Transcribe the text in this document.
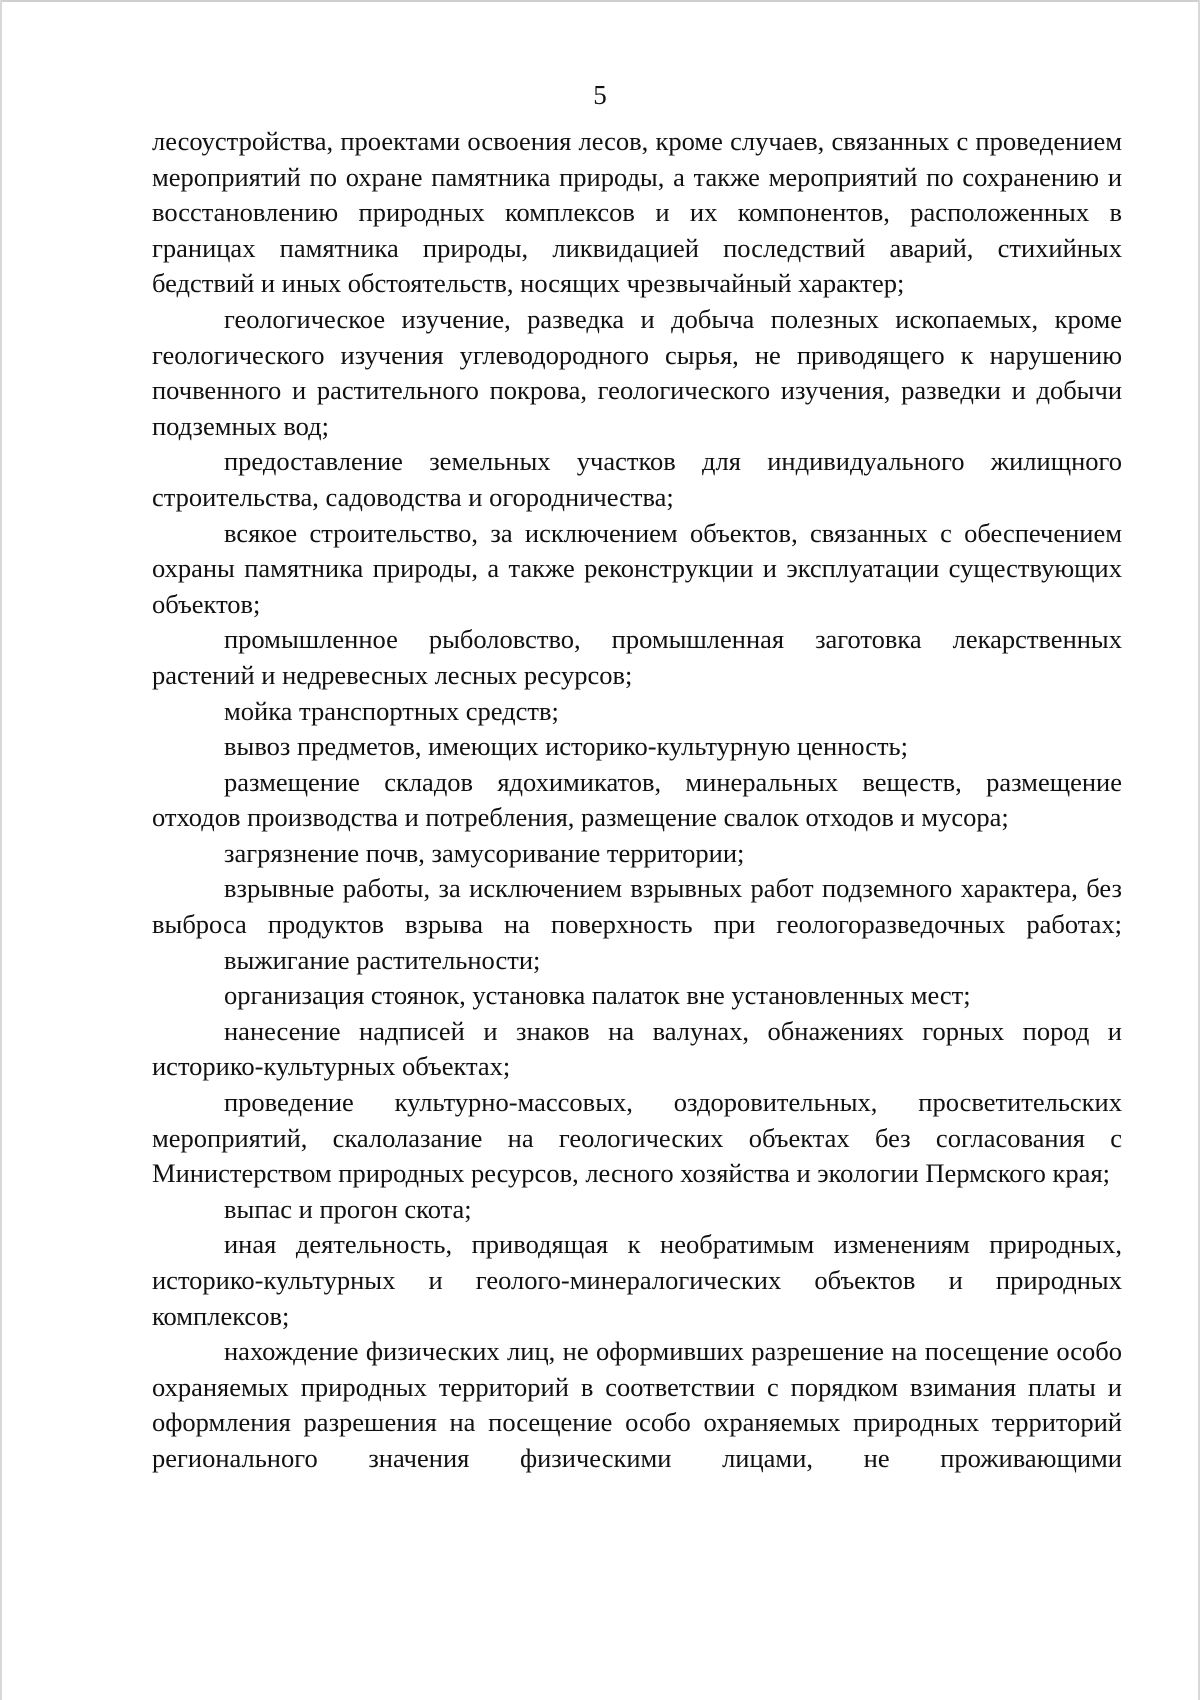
5

лесоустройства, проектами освоения лесов, кроме случаев, связанных с проведением мероприятий по охране памятника природы, а также мероприятий по сохранению и восстановлению природных комплексов и их компонентов, расположенных в границах памятника природы, ликвидацией последствий аварий, стихийных бедствий и иных обстоятельств, носящих чрезвычайный характер;

геологическое изучение, разведка и добыча полезных ископаемых, кроме геологического изучения углеводородного сырья, не приводящего к нарушению почвенного и растительного покрова, геологического изучения, разведки и добычи подземных вод;

предоставление земельных участков для индивидуального жилищного строительства, садоводства и огородничества;

всякое строительство, за исключением объектов, связанных с обеспечением охраны памятника природы, а также реконструкции и эксплуатации существующих объектов;

промышленное рыболовство, промышленная заготовка лекарственных растений и недревесных лесных ресурсов;

мойка транспортных средств;

вывоз предметов, имеющих историко-культурную ценность;

размещение складов ядохимикатов, минеральных веществ, размещение отходов производства и потребления, размещение свалок отходов и мусора;

загрязнение почв, замусоривание территории;

взрывные работы, за исключением взрывных работ подземного характера, без выброса продуктов взрыва на поверхность при геологоразведочных работах;

выжигание растительности;

организация стоянок, установка палаток вне установленных мест;

нанесение надписей и знаков на валунах, обнажениях горных пород и историко-культурных объектах;

проведение культурно-массовых, оздоровительных, просветительских мероприятий, скалолазание на геологических объектах без согласования с Министерством природных ресурсов, лесного хозяйства и экологии Пермского края;

выпас и прогон скота;

иная деятельность, приводящая к необратимым изменениям природных, историко-культурных и геолого-минералогических объектов и природных комплексов;

нахождение физических лиц, не оформивших разрешение на посещение особо охраняемых природных территорий в соответствии с порядком взимания платы и оформления разрешения на посещение особо охраняемых природных территорий регионального значения физическими лицами, не проживающими
